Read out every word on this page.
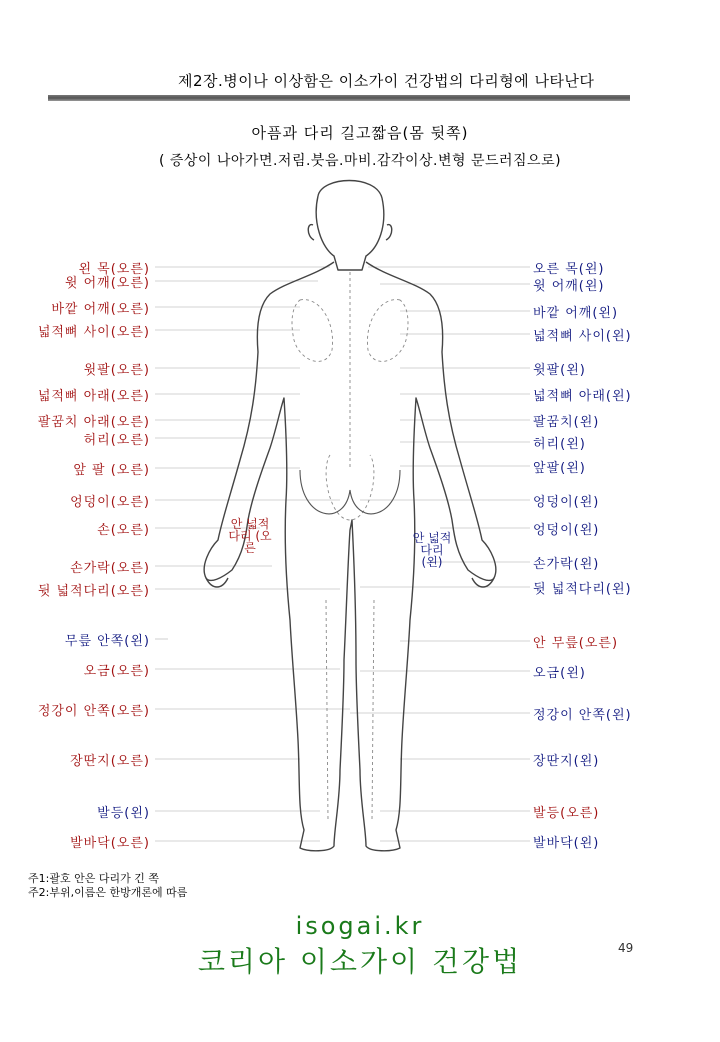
제2장.병이나 이상함은 이소가이 건강법의 다리형에 나타난다
아픔과 다리 길고짧음(몸 뒷쪽)
( 증상이 나아가면.저림.붓음.마비.감각이상.변형 문드러짐으로)
왼 목(오른)
윗 어깨(오른)
바깥 어깨(오른)
넓적뼈 사이(오른)
윗팔(오른)
넓적뼈 아래(오른)
팔꿈치 아래(오른)
허리(오른)
앞 팔 (오른)
엉덩이(오른)
손(오른)
손가락(오른)
뒷 넓적다리(오른)
무릎 안쪽(왼)
오금(오른)
정강이 안쪽(오른)
장딴지(오른)
발등(왼)
발바닥(오른)
오른 목(왼)
윗 어깨(왼)
바깥 어깨(왼)
넓적뼈 사이(왼)
윗팔(왼)
넓적뼈 아래(왼)
팔꿈치(왼)
허리(왼)
앞팔(왼)
엉덩이(왼)
엉덩이(왼)
손가락(왼)
뒷 넓적다리(왼)
안 무릎(오른)
오금(왼)
정강이 안쪽(왼)
장딴지(왼)
발등(오른)
발바닥(왼)
안 넓적 다리 (오른
안 넓적 다리 (왼)
주1:괄호 안은 다리가 긴 쪽
주2:부위,이름은 한방개론에 따름
isogai.kr
코리아 이소가이 건강법	49
